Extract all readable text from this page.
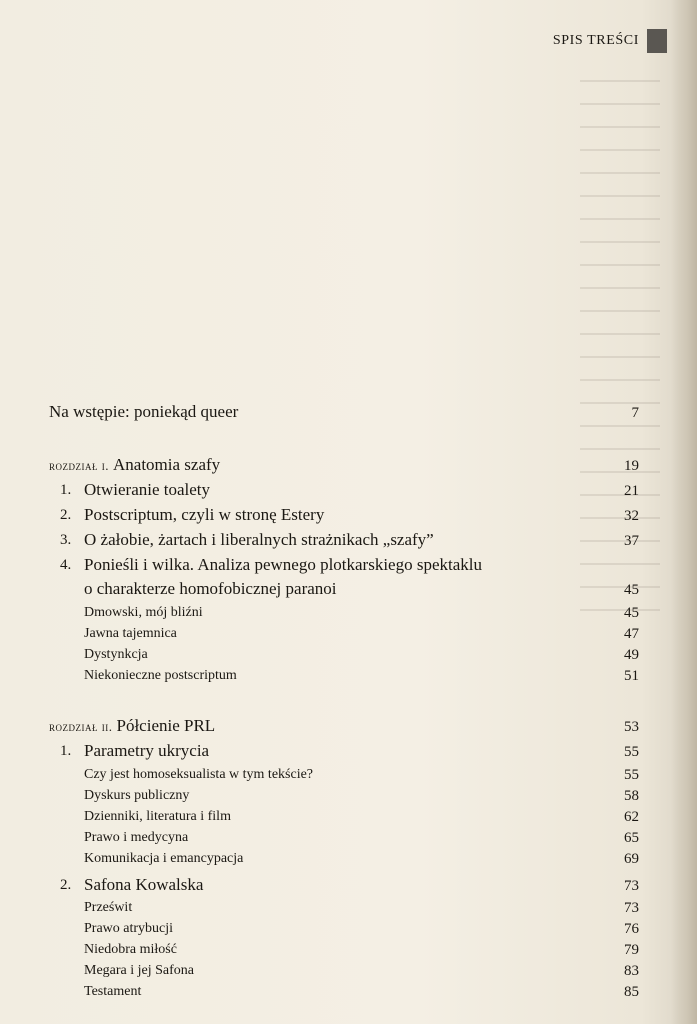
SPIS TREŚCI
Na wstępie: poniekąd queer	7
rozdział i. Anatomia szafy	19
1. Otwieranie toalety	21
2. Postscriptum, czyli w stronę Estery	32
3. O żałobie, żartach i liberalnych strażnikach „szafy”	37
4. Ponieśli i wilka. Analiza pewnego plotkarskiego spektaklu
o charakterze homofobicznej paranoi	45
Dmowski, mój bliźni	45
Jawna tajemnica	47
Dystynkcja	49
Niekonieczne postscriptum	51
rozdział ii. Półcienie PRL	53
1. Parametry ukrycia	55
Czy jest homoseksualista w tym tekście?	55
Dyskurs publiczny	58
Dzienniki, literatura i film	62
Prawo i medycyna	65
Komunikacja i emancypacja	69
2. Safona Kowalska	73
Prześwit	73
Prawo atrybucji	76
Niedobra miłość	79
Megara i jej Safona	83
Testament	85
